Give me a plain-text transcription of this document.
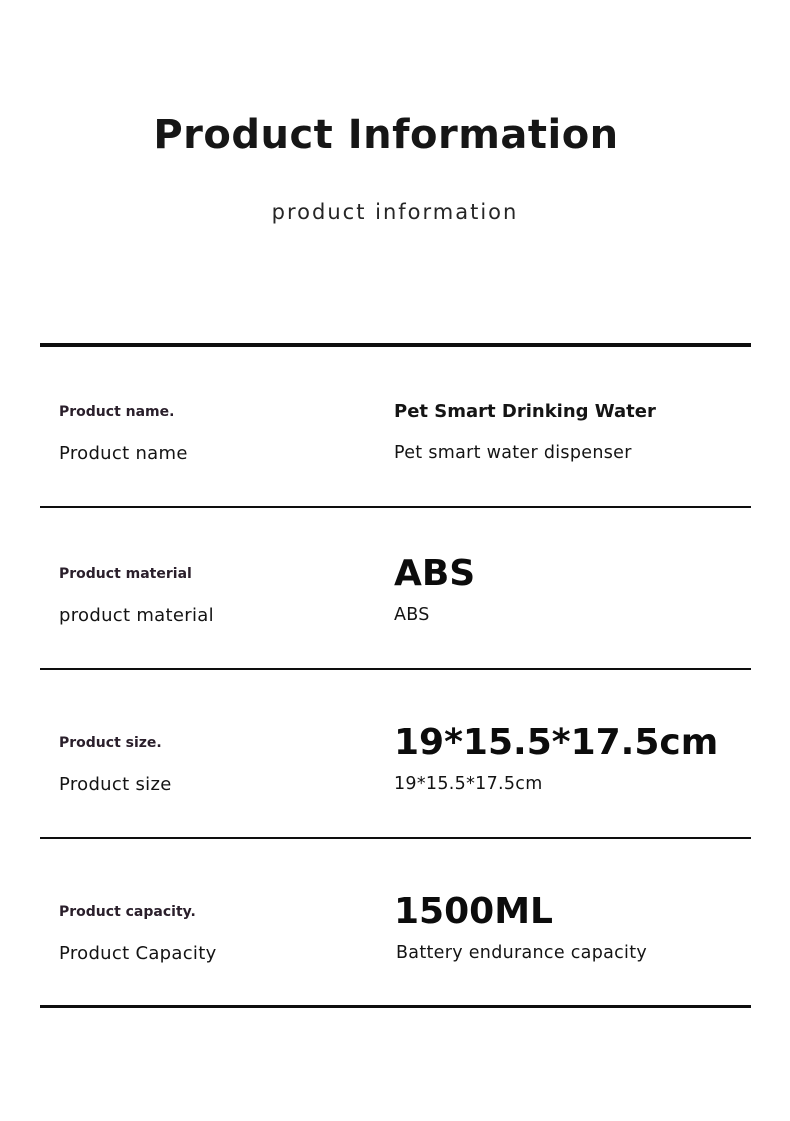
Product Information
product information
Product name.
Product name
Pet Smart Drinking Water
Pet smart water dispenser
Product material
product material
ABS
ABS
Product size.
Product size
19*15.5*17.5cm
19*15.5*17.5cm
Product capacity.
Product Capacity
1500ML
Battery endurance capacity
